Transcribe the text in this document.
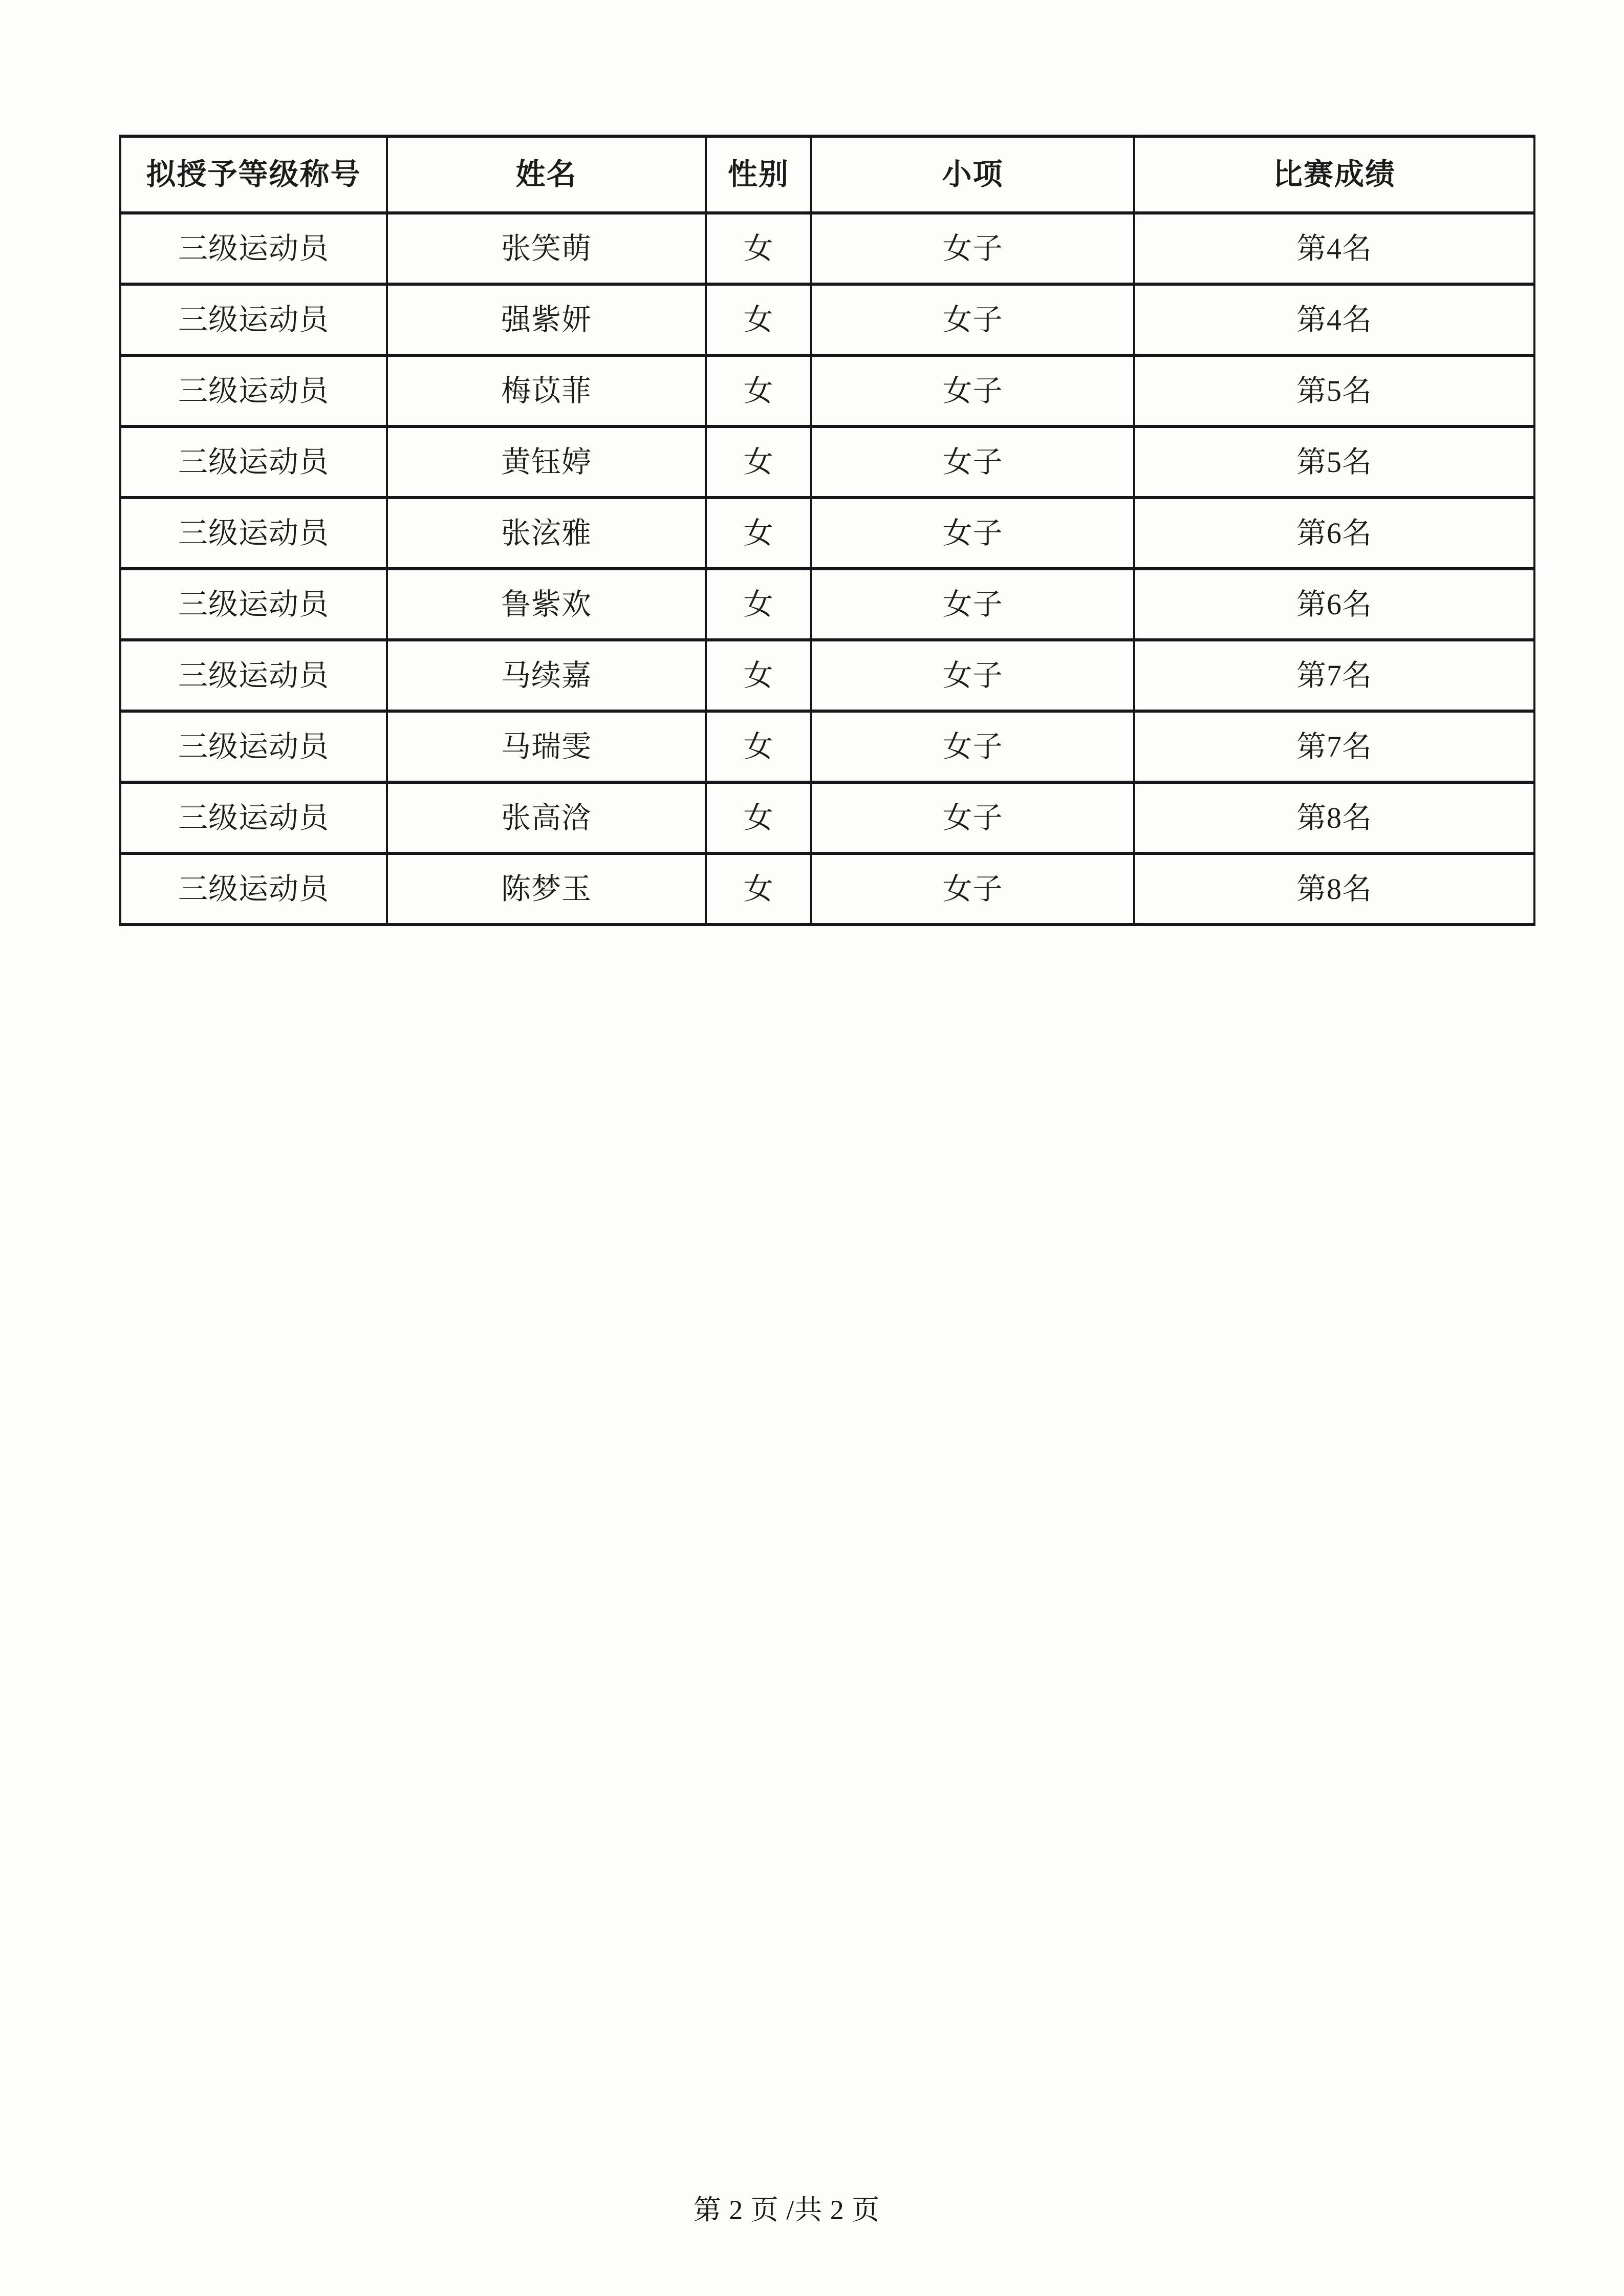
拟授予等级称号	姓名	性别	小项	比赛成绩
三级运动员	张笑萌	女	女子	第4名
三级运动员	强紫妍	女	女子	第4名
三级运动员	梅苡菲	女	女子	第5名
三级运动员	黄钰婷	女	女子	第5名
三级运动员	张泫雅	女	女子	第6名
三级运动员	鲁紫欢	女	女子	第6名
三级运动员	马续嘉	女	女子	第7名
三级运动员	马瑞雯	女	女子	第7名
三级运动员	张高浛	女	女子	第8名
三级运动员	陈梦玉	女	女子	第8名
第 2 页 /共 2 页
